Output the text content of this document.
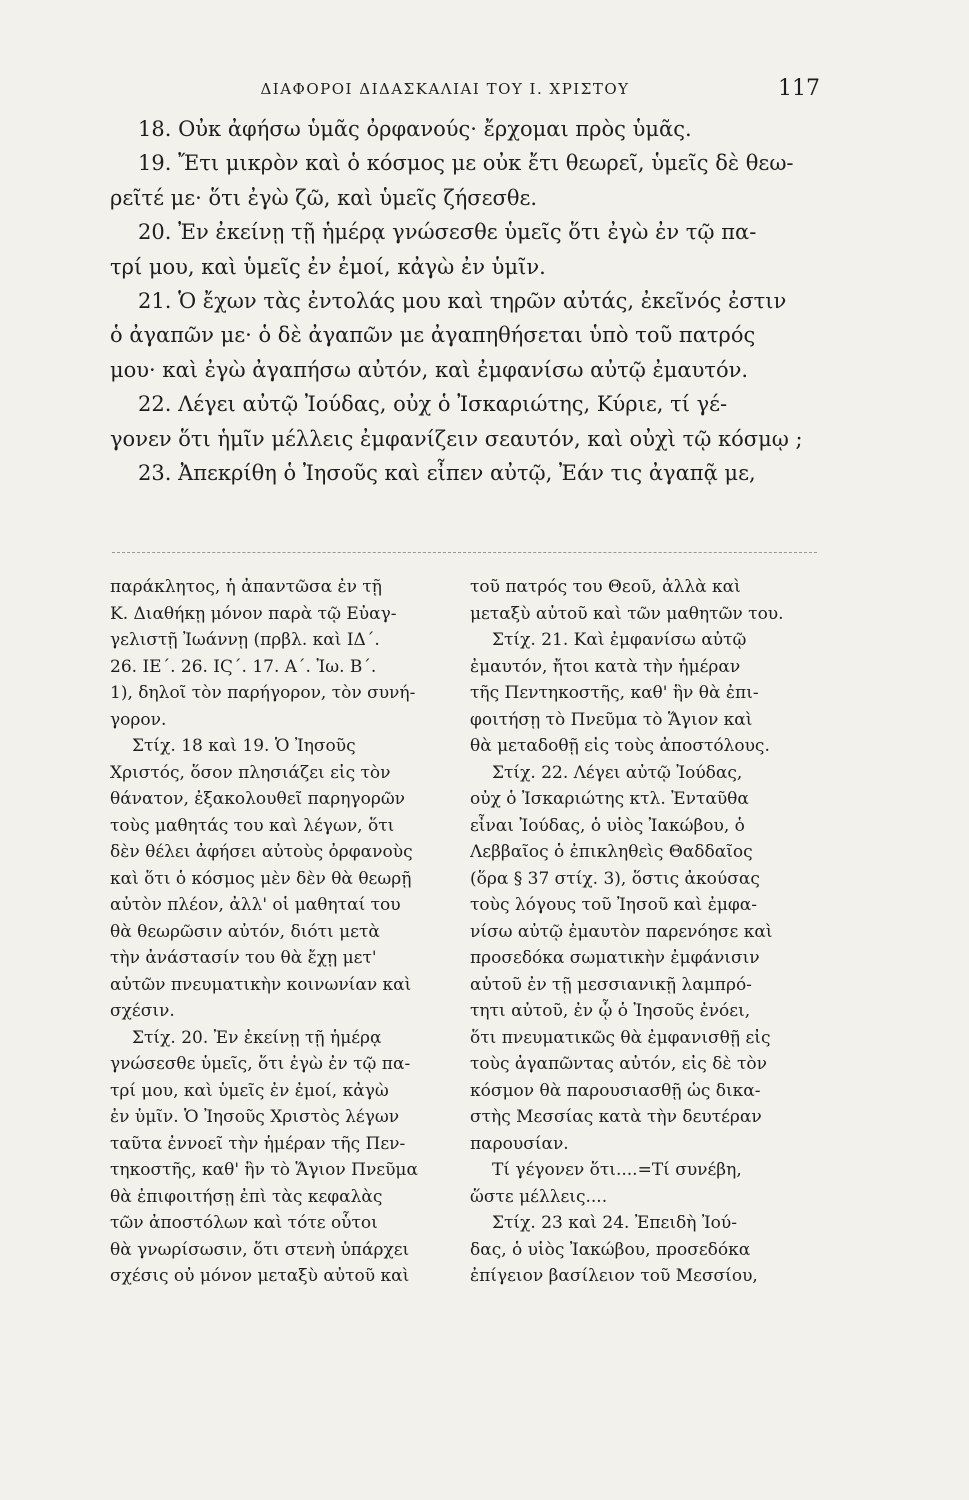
ΔΙΑΦΟΡΟΙ ΔΙΔΑΣΚΑΛΙΑΙ ΤΟΥ Ι. ΧΡΙΣΤΟΥ	117
18. Οὐκ ἀφήσω ὑμᾶς ὀρφανούς· ἔρχομαι πρὸς ὑμᾶς.
19. Ἔτι μικρὸν καὶ ὁ κόσμος με οὐκ ἔτι θεωρεῖ, ὑμεῖς δὲ θεω-
ρεῖτέ με· ὅτι ἐγὼ ζῶ, καὶ ὑμεῖς ζήσεσθε.
20. Ἐν ἐκείνῃ τῇ ἡμέρᾳ γνώσεσθε ὑμεῖς ὅτι ἐγὼ ἐν τῷ πα-
τρί μου, καὶ ὑμεῖς ἐν ἐμοί, κἀγὼ ἐν ὑμῖν.
21. Ὁ ἔχων τὰς ἐντολάς μου καὶ τηρῶν αὐτάς, ἐκεῖνός ἐστιν
ὁ ἀγαπῶν με· ὁ δὲ ἀγαπῶν με ἀγαπηθήσεται ὑπὸ τοῦ πατρός
μου· καὶ ἐγὼ ἀγαπήσω αὐτόν, καὶ ἐμφανίσω αὐτῷ ἐμαυτόν.
22. Λέγει αὐτῷ Ἰούδας, οὐχ ὁ Ἰσκαριώτης, Κύριε, τί γέ-
γονεν ὅτι ἡμῖν μέλλεις ἐμφανίζειν σεαυτόν, καὶ οὐχὶ τῷ κόσμῳ ;
23. Ἀπεκρίθη ὁ Ἰησοῦς καὶ εἶπεν αὐτῷ, Ἐάν τις ἀγαπᾷ με,
παράκλητος, ἡ ἀπαντῶσα ἐν τῇ
Κ. Διαθήκῃ μόνον παρὰ τῷ Εὐαγ-
γελιστῇ Ἰωάννῃ (πρβλ. καὶ ΙΔ΄.
26. ΙΕ΄. 26. ΙϚ΄. 17. Α΄. Ἰω. Β΄.
1), δηλοῖ τὸν παρήγορον, τὸν συνή-
γορον.
Στίχ. 18 καὶ 19. Ὁ Ἰησοῦς
Χριστός, ὅσον πλησιάζει εἰς τὸν
θάνατον, ἐξακολουθεῖ παρηγορῶν
τοὺς μαθητάς του καὶ λέγων, ὅτι
δὲν θέλει ἀφήσει αὐτοὺς ὀρφανοὺς
καὶ ὅτι ὁ κόσμος μὲν δὲν θὰ θεωρῇ
αὐτὸν πλέον, ἀλλ' οἱ μαθηταί του
θὰ θεωρῶσιν αὐτόν, διότι μετὰ
τὴν ἀνάστασίν του θὰ ἔχῃ μετ'
αὐτῶν πνευματικὴν κοινωνίαν καὶ
σχέσιν.
Στίχ. 20. Ἐν ἐκείνῃ τῇ ἡμέρᾳ
γνώσεσθε ὑμεῖς, ὅτι ἐγὼ ἐν τῷ πα-
τρί μου, καὶ ὑμεῖς ἐν ἐμοί, κἀγὼ
ἐν ὑμῖν. Ὁ Ἰησοῦς Χριστὸς λέγων
ταῦτα ἐννοεῖ τὴν ἡμέραν τῆς Πεν-
τηκοστῆς, καθ' ἣν τὸ Ἅγιον Πνεῦμα
θὰ ἐπιφοιτήσῃ ἐπὶ τὰς κεφαλὰς
τῶν ἀποστόλων καὶ τότε οὗτοι
θὰ γνωρίσωσιν, ὅτι στενὴ ὑπάρχει
σχέσις οὐ μόνον μεταξὺ αὐτοῦ καὶ
τοῦ πατρός του Θεοῦ, ἀλλὰ καὶ
μεταξὺ αὐτοῦ καὶ τῶν μαθητῶν του.
Στίχ. 21. Καὶ ἐμφανίσω αὐτῷ
ἐμαυτόν, ἤτοι κατὰ τὴν ἡμέραν
τῆς Πεντηκοστῆς, καθ' ἣν θὰ ἐπι-
φοιτήσῃ τὸ Πνεῦμα τὸ Ἅγιον καὶ
θὰ μεταδοθῇ εἰς τοὺς ἀποστόλους.
Στίχ. 22. Λέγει αὐτῷ Ἰούδας,
οὐχ ὁ Ἰσκαριώτης κτλ. Ἐνταῦθα
εἶναι Ἰούδας, ὁ υἱὸς Ἰακώβου, ὁ
Λεββαῖος ὁ ἐπικληθεὶς Θαδδαῖος
(ὅρα § 37 στίχ. 3), ὅστις ἀκούσας
τοὺς λόγους τοῦ Ἰησοῦ καὶ ἐμφα-
νίσω αὐτῷ ἐμαυτὸν παρενόησε καὶ
προσεδόκα σωματικὴν ἐμφάνισιν
αὐτοῦ ἐν τῇ μεσσιανικῇ λαμπρό-
τητι αὐτοῦ, ἐν ᾧ ὁ Ἰησοῦς ἐνόει,
ὅτι πνευματικῶς θὰ ἐμφανισθῇ εἰς
τοὺς ἀγαπῶντας αὐτόν, εἰς δὲ τὸν
κόσμον θὰ παρουσιασθῇ ὡς δικα-
στὴς Μεσσίας κατὰ τὴν δευτέραν
παρουσίαν.
Τί γέγονεν ὅτι....=Τί συνέβη,
ὥστε μέλλεις....
Στίχ. 23 καὶ 24. Ἐπειδὴ Ἰού-
δας, ὁ υἱὸς Ἰακώβου, προσεδόκα
ἐπίγειον βασίλειον τοῦ Μεσσίου,
